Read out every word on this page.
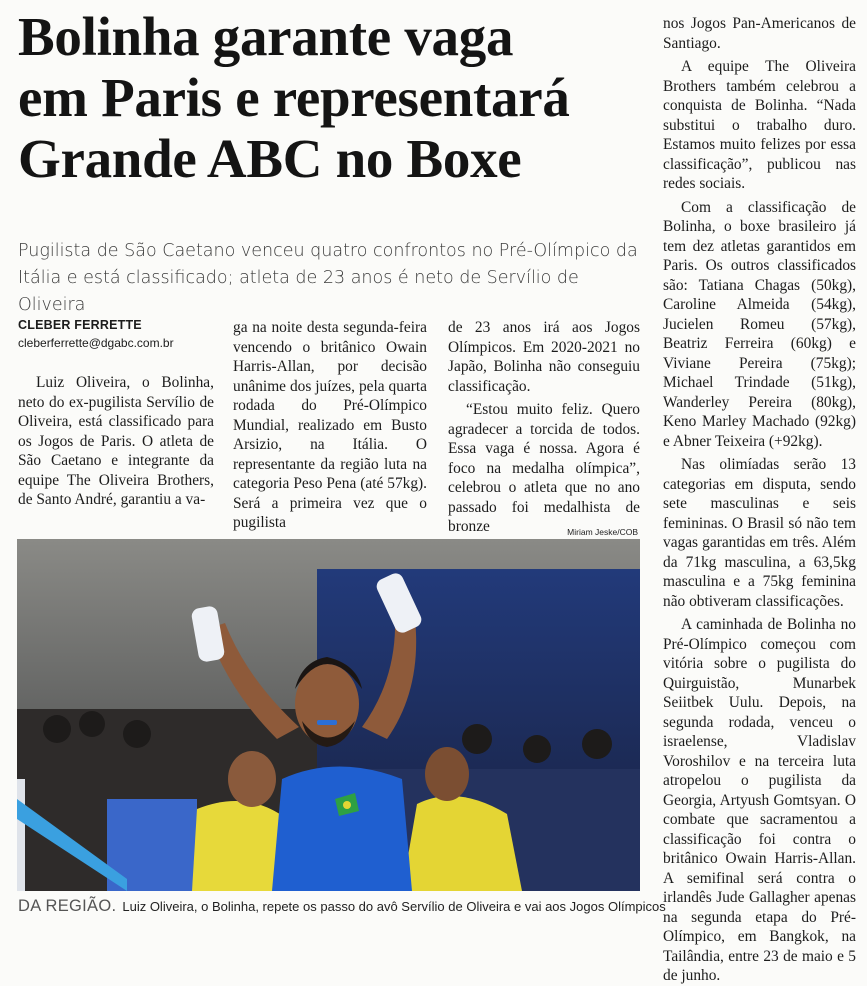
Bolinha garante vaga
em Paris e representará
Grande ABC no Boxe

Pugilista de São Caetano venceu quatro confrontos no Pré-Olímpico da Itália e está classificado; atleta de 23 anos é neto de Servílio de Oliveira

CLEBER FERRETTE
cleberferrette@dgabc.com.br

Luiz Oliveira, o Bolinha, neto do ex-pugilista Servílio de Oliveira, está classificado para os Jogos de Paris. O atleta de São Caetano e integrante da equipe The Oliveira Brothers, de Santo André, garantiu a va-

ga na noite desta segunda-feira vencendo o britânico Owain Harris-Allan, por decisão unânime dos juízes, pela quarta rodada do Pré-Olímpico Mundial, realizado em Busto Arsizio, na Itália. O representante da região luta na categoria Peso Pena (até 57kg). Será a primeira vez que o pugilista

de 23 anos irá aos Jogos Olímpicos. Em 2020-2021 no Japão, Bolinha não conseguiu classificação.

“Estou muito feliz. Quero agradecer a torcida de todos. Essa vaga é nossa. Agora é foco na medalha olímpica”, celebrou o atleta que no ano passado foi medalhista de bronze

nos Jogos Pan-Americanos de Santiago.

A equipe The Oliveira Brothers também celebrou a conquista de Bolinha. “Nada substitui o trabalho duro. Estamos muito felizes por essa classificação”, publicou nas redes sociais.

Com a classificação de Bolinha, o boxe brasileiro já tem dez atletas garantidos em Paris. Os outros classificados são: Tatiana Chagas (50kg), Caroline Almeida (54kg), Jucielen Romeu (57kg), Beatriz Ferreira (60kg) e Viviane Pereira (75kg); Michael Trindade (51kg), Wanderley Pereira (80kg), Keno Marley Machado (92kg) e Abner Teixeira (+92kg).

Nas olimíadas serão 13 categorias em disputa, sendo sete masculinas e seis femininas. O Brasil só não tem vagas garantidas em três. Além da 71kg masculina, a 63,5kg masculina e a 75kg feminina não obtiveram classificações.

A caminhada de Bolinha no Pré-Olímpico começou com vitória sobre o pugilista do Quirguistão, Munarbek Seiitbek Uulu. Depois, na segunda rodada, venceu o israelense, Vladislav Voroshilov e na terceira luta atropelou o pugilista da Georgia, Artyush Gomtsyan. O combate que sacramentou a classificação foi contra o britânico Owain Harris-Allan. A semifinal será contra o irlandês Jude Gallagher apenas na segunda etapa do Pré-Olímpico, em Bangkok, na Tailândia, entre 23 de maio e 5 de junho.

Miriam Jeske/COB
DA REGIÃO. Luiz Oliveira, o Bolinha, repete os passo do avô Servílio de Oliveira e vai aos Jogos Olímpicos
